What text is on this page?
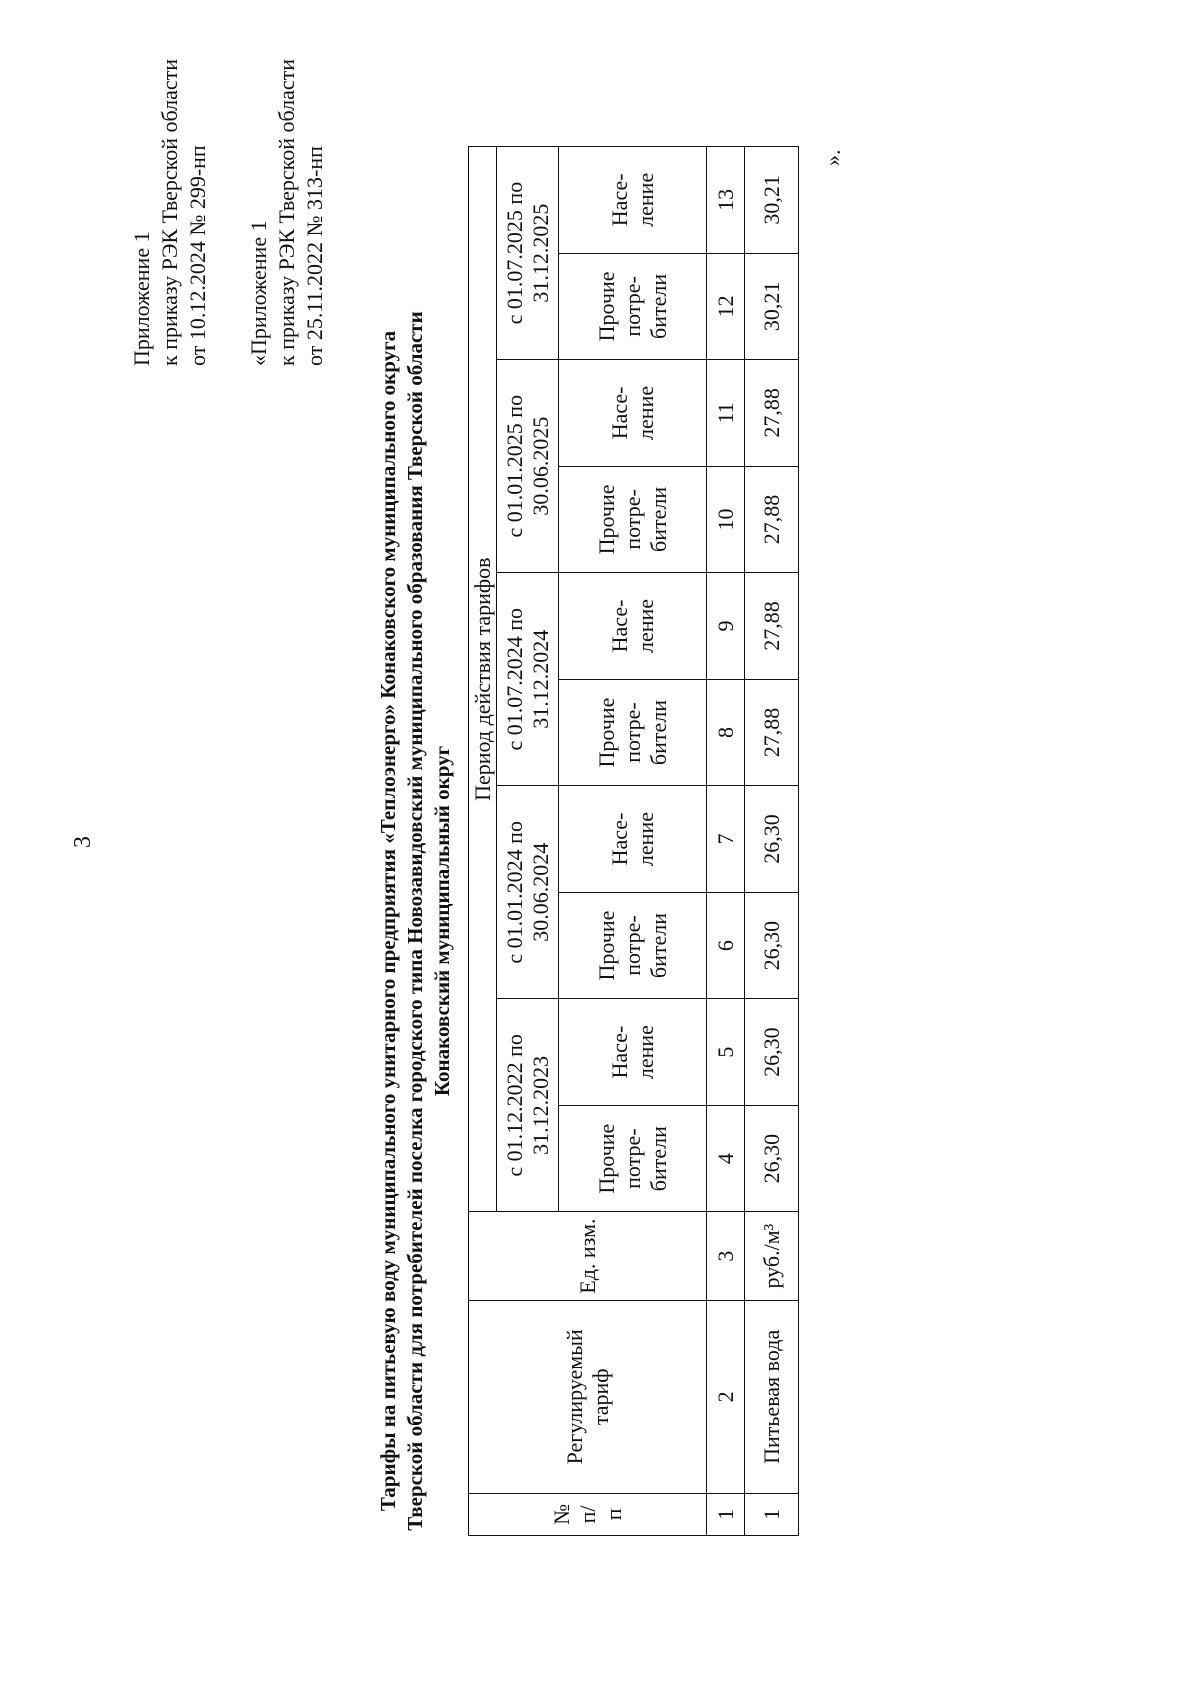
3
Приложение 1 к приказу РЭК Тверской области от 10.12.2024 № 299-нп «Приложение 1 к приказу РЭК Тверской области от 25.11.2022 № 313-нп
Тарифы на питьевую воду муниципального унитарного предприятия «Теплоэнерго» Конаковского муниципального округа Тверской области для потребителей поселка городского типа Новозавидовский муниципального образования Тверской области Конаковский муниципальный округ
№ п/ п	Регулируемый тариф	Ед. изм.	Период действия тарифов									
			с 01.12.2022 по 31.12.2023		с 01.01.2024 по 30.06.2024		с 01.07.2024 по 31.12.2024		с 01.01.2025 по 30.06.2025		с 01.07.2025 по 31.12.2025	
			Прочие потре- бители	Насе- ление	Прочие потре- бители	Насе- ление	Прочие потре- бители	Насе- ление	Прочие потре- бители	Насе- ление	Прочие потре- бители	Насе- ление
1	2	3	4	5	6	7	8	9	10	11	12	13
1	Питьевая вода	руб./м³	26,30	26,30	26,30	26,30	27,88	27,88	27,88	27,88	30,21	30,21
».
